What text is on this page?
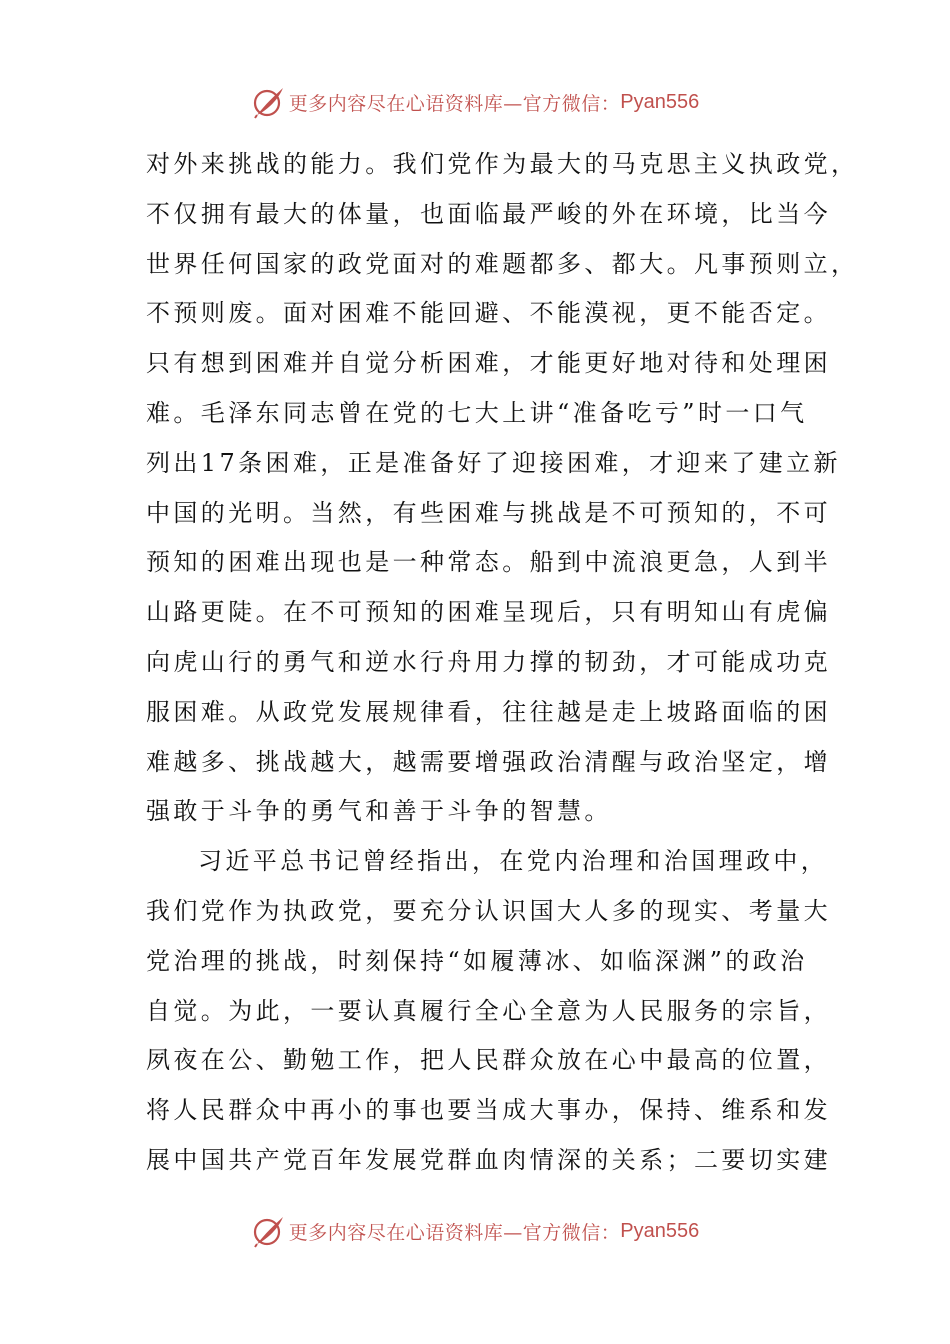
更多内容尽在心语资料库—官方微信： Pyan556
对外来挑战的能力。我们党作为最大的马克思主义执政党，
不仅拥有最大的体量，也面临最严峻的外在环境，比当今
世界任何国家的政党面对的难题都多、都大。凡事预则立，
不预则废。面对困难不能回避、不能漠视，更不能否定。
只有想到困难并自觉分析困难，才能更好地对待和处理困
难。毛泽东同志曾在党的七大上讲“准备吃亏”时一口气
列出17条困难，正是准备好了迎接困难，才迎来了建立新
中国的光明。当然，有些困难与挑战是不可预知的，不可
预知的困难出现也是一种常态。船到中流浪更急，人到半
山路更陡。在不可预知的困难呈现后，只有明知山有虎偏
向虎山行的勇气和逆水行舟用力撑的韧劲，才可能成功克
服困难。从政党发展规律看，往往越是走上坡路面临的困
难越多、挑战越大，越需要增强政治清醒与政治坚定，增
强敢于斗争的勇气和善于斗争的智慧。
习近平总书记曾经指出，在党内治理和治国理政中，
我们党作为执政党，要充分认识国大人多的现实、考量大
党治理的挑战，时刻保持“如履薄冰、如临深渊”的政治
自觉。为此，一要认真履行全心全意为人民服务的宗旨，
夙夜在公、勤勉工作，把人民群众放在心中最高的位置，
将人民群众中再小的事也要当成大事办，保持、维系和发
展中国共产党百年发展党群血肉情深的关系；二要切实建
更多内容尽在心语资料库—官方微信： Pyan556
